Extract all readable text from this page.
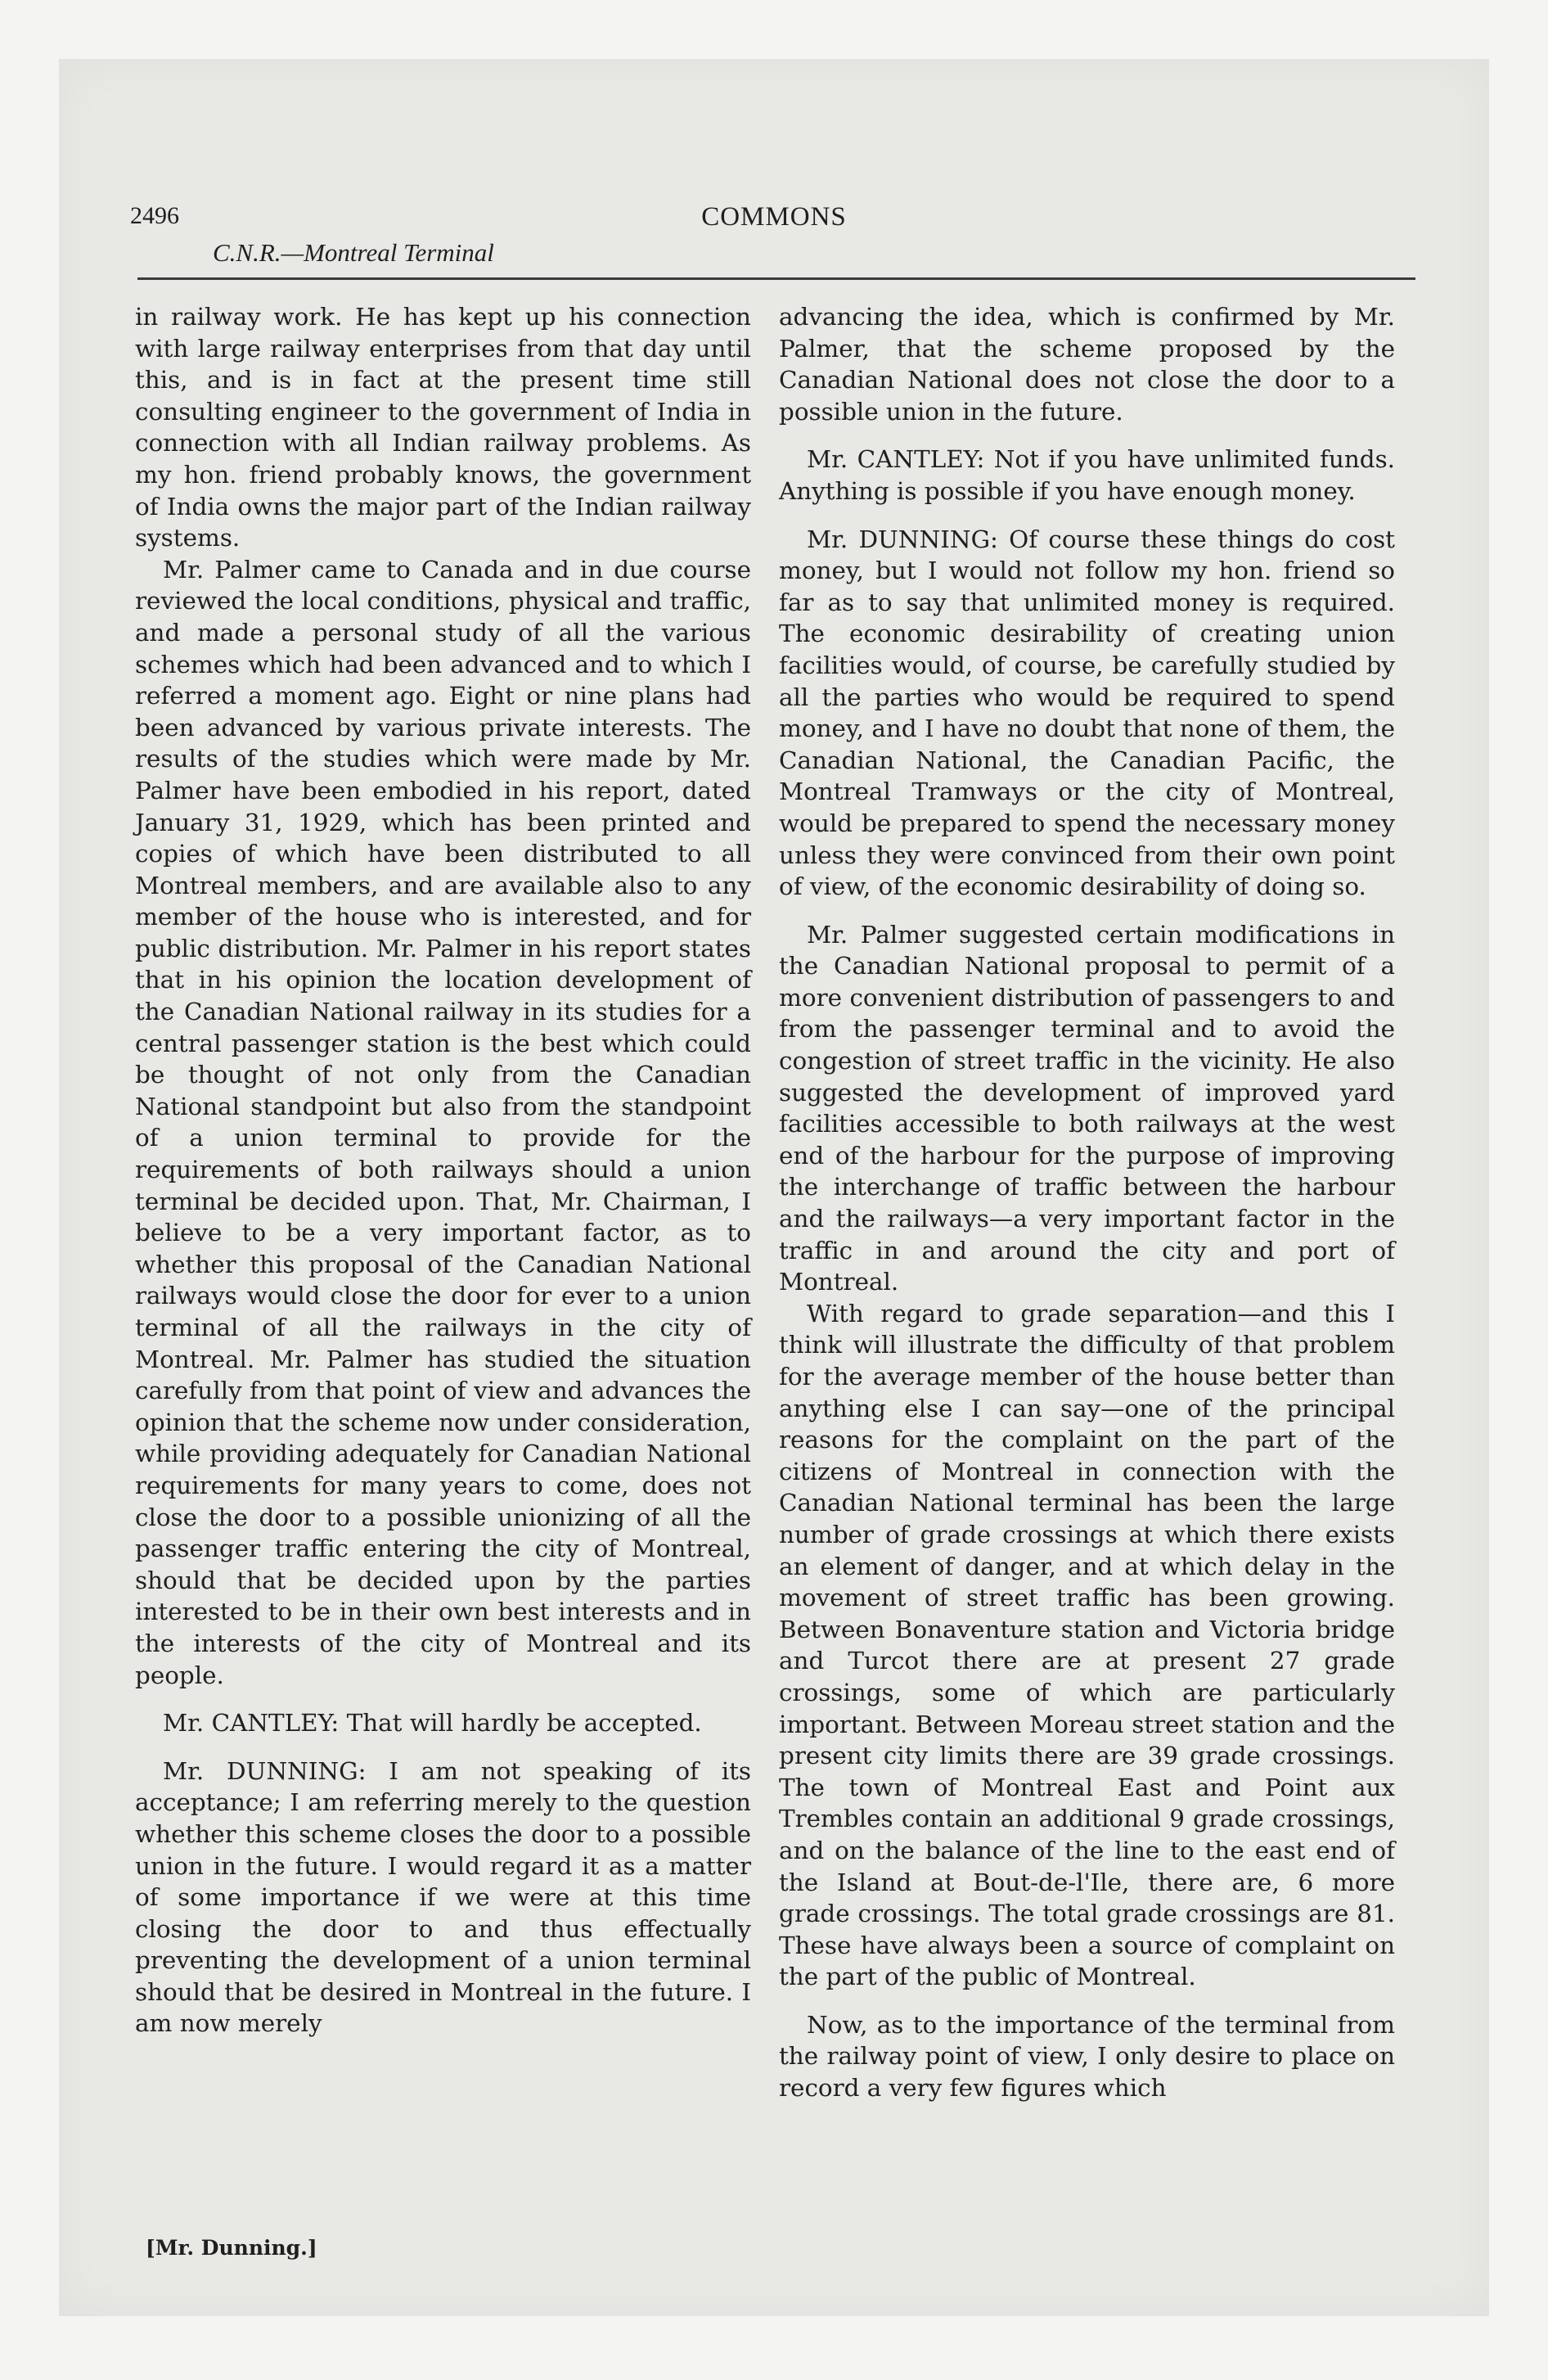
2496	COMMONS
C.N.R.—Montreal Terminal

in railway work. He has kept up his connection with large railway enterprises from that day until this, and is in fact at the present time still consulting engineer to the government of India in connection with all Indian railway problems. As my hon. friend probably knows, the government of India owns the major part of the Indian railway systems.

Mr. Palmer came to Canada and in due course reviewed the local conditions, physical and traffic, and made a personal study of all the various schemes which had been advanced and to which I referred a moment ago. Eight or nine plans had been advanced by various private interests. The results of the studies which were made by Mr. Palmer have been embodied in his report, dated January 31, 1929, which has been printed and copies of which have been distributed to all Montreal members, and are available also to any member of the house who is interested, and for public distribution. Mr. Palmer in his report states that in his opinion the location development of the Canadian National railway in its studies for a central passenger station is the best which could be thought of not only from the Canadian National standpoint but also from the standpoint of a union terminal to provide for the requirements of both railways should a union terminal be decided upon. That, Mr. Chairman, I believe to be a very important factor, as to whether this proposal of the Canadian National railways would close the door for ever to a union terminal of all the railways in the city of Montreal. Mr. Palmer has studied the situation carefully from that point of view and advances the opinion that the scheme now under consideration, while providing adequately for Canadian National requirements for many years to come, does not close the door to a possible unionizing of all the passenger traffic entering the city of Montreal, should that be decided upon by the parties interested to be in their own best interests and in the interests of the city of Montreal and its people.

Mr. CANTLEY: That will hardly be accepted.

Mr. DUNNING: I am not speaking of its acceptance; I am referring merely to the question whether this scheme closes the door to a possible union in the future. I would regard it as a matter of some importance if we were at this time closing the door to and thus effectually preventing the development of a union terminal should that be desired in Montreal in the future. I am now merely

advancing the idea, which is confirmed by Mr. Palmer, that the scheme proposed by the Canadian National does not close the door to a possible union in the future.

Mr. CANTLEY: Not if you have unlimited funds. Anything is possible if you have enough money.

Mr. DUNNING: Of course these things do cost money, but I would not follow my hon. friend so far as to say that unlimited money is required. The economic desirability of creating union facilities would, of course, be carefully studied by all the parties who would be required to spend money, and I have no doubt that none of them, the Canadian National, the Canadian Pacific, the Montreal Tramways or the city of Montreal, would be prepared to spend the necessary money unless they were convinced from their own point of view, of the economic desirability of doing so.

Mr. Palmer suggested certain modifications in the Canadian National proposal to permit of a more convenient distribution of passengers to and from the passenger terminal and to avoid the congestion of street traffic in the vicinity. He also suggested the development of improved yard facilities accessible to both railways at the west end of the harbour for the purpose of improving the interchange of traffic between the harbour and the railways—a very important factor in the traffic in and around the city and port of Montreal.

With regard to grade separation—and this I think will illustrate the difficulty of that problem for the average member of the house better than anything else I can say—one of the principal reasons for the complaint on the part of the citizens of Montreal in connection with the Canadian National terminal has been the large number of grade crossings at which there exists an element of danger, and at which delay in the movement of street traffic has been growing. Between Bonaventure station and Victoria bridge and Turcot there are at present 27 grade crossings, some of which are particularly important. Between Moreau street station and the present city limits there are 39 grade crossings. The town of Montreal East and Point aux Trembles contain an additional 9 grade crossings, and on the balance of the line to the east end of the Island at Bout-de-l'Ile, there are, 6 more grade crossings. The total grade crossings are 81. These have always been a source of complaint on the part of the public of Montreal.

Now, as to the importance of the terminal from the railway point of view, I only desire to place on record a very few figures which

[Mr. Dunning.]
